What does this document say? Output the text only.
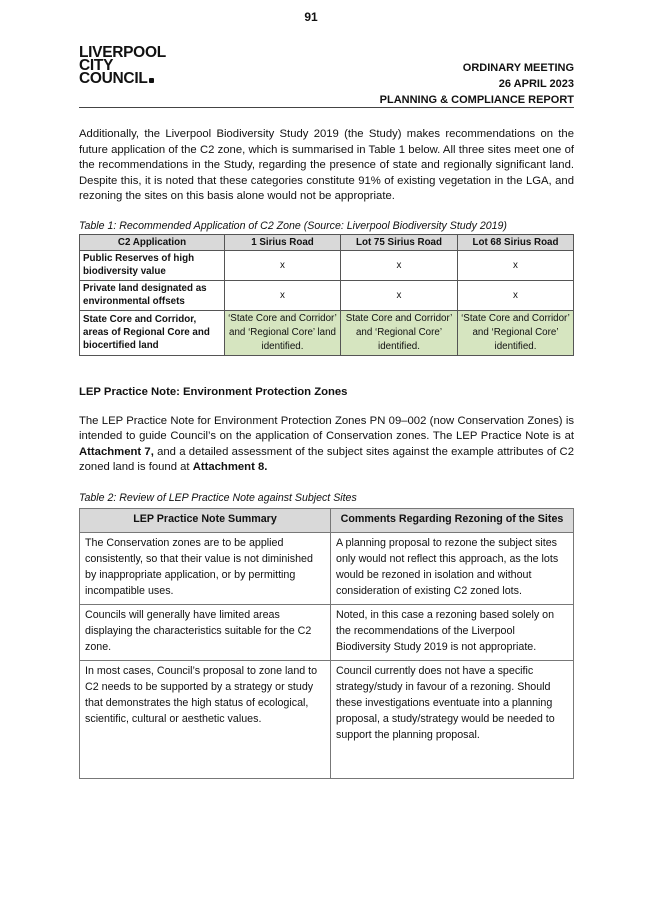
91
LIVERPOOL
CITY
COUNCIL
ORDINARY MEETING
26 APRIL 2023
PLANNING & COMPLIANCE REPORT

Additionally, the Liverpool Biodiversity Study 2019 (the Study) makes recommendations on the future application of the C2 zone, which is summarised in Table 1 below. All three sites meet one of the recommendations in the Study, regarding the presence of state and regionally significant land. Despite this, it is noted that these categories constitute 91% of existing vegetation in the LGA, and rezoning the sites on this basis alone would not be appropriate.

Table 1: Recommended Application of C2 Zone (Source: Liverpool Biodiversity Study 2019)
C2 Application	1 Sirius Road	Lot 75 Sirius Road	Lot 68 Sirius Road
Public Reserves of high biodiversity value	x	x	x
Private land designated as environmental offsets	x	x	x
State Core and Corridor, areas of Regional Core and biocertified land	‘State Core and Corridor’ and ‘Regional Core’ land identified.	State Core and Corridor’ and ‘Regional Core’ identified.	‘State Core and Corridor’ and ‘Regional Core’ identified.
LEP Practice Note: Environment Protection Zones

The LEP Practice Note for Environment Protection Zones PN 09–002 (now Conservation Zones) is intended to guide Council’s on the application of Conservation zones. The LEP Practice Note is at Attachment 7, and a detailed assessment of the subject sites against the example attributes of C2 zoned land is found at Attachment 8.

Table 2: Review of LEP Practice Note against Subject Sites
LEP Practice Note Summary	Comments Regarding Rezoning of the Sites
The Conservation zones are to be applied consistently, so that their value is not diminished by inappropriate application, or by permitting incompatible uses.	A planning proposal to rezone the subject sites only would not reflect this approach, as the lots would be rezoned in isolation and without consideration of existing C2 zoned lots.
Councils will generally have limited areas displaying the characteristics suitable for the C2 zone.	Noted, in this case a rezoning based solely on the recommendations of the Liverpool Biodiversity Study 2019 is not appropriate.
In most cases, Council’s proposal to zone land to C2 needs to be supported by a strategy or study that demonstrates the high status of ecological, scientific, cultural or aesthetic values.	Council currently does not have a specific strategy/study in favour of a rezoning. Should these investigations eventuate into a planning proposal, a study/strategy would be needed to support the planning proposal.
